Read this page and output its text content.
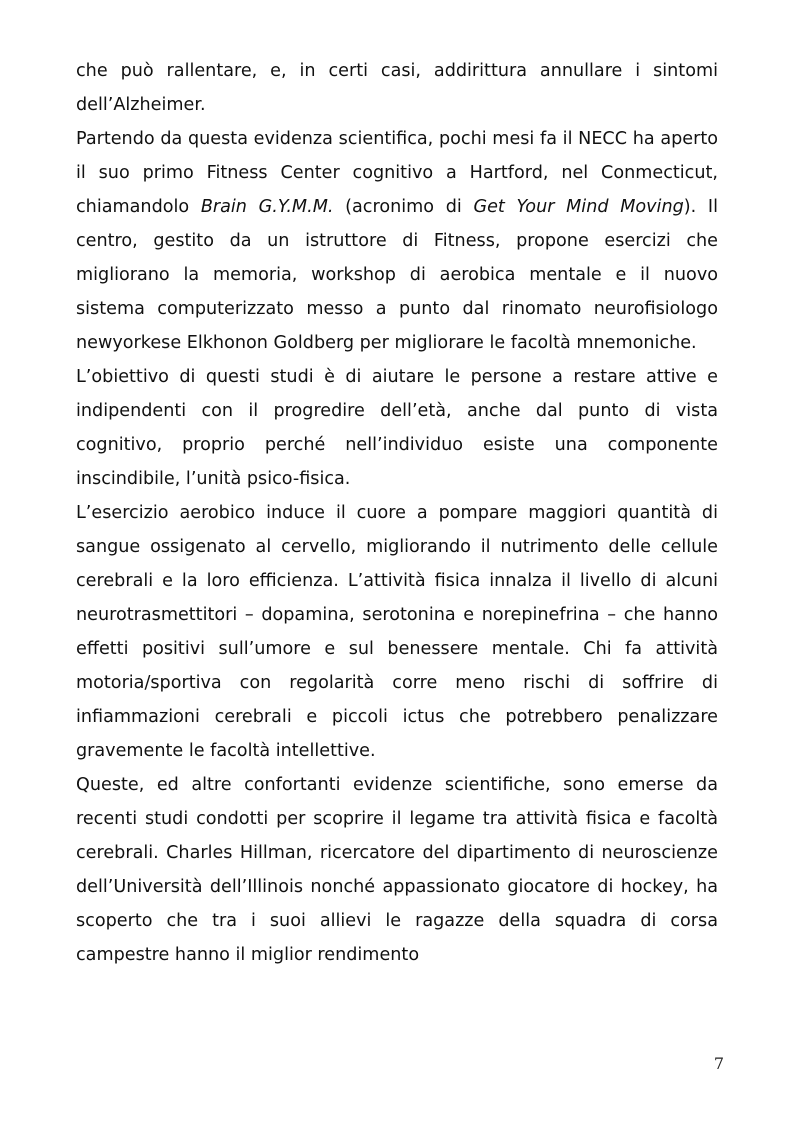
che può rallentare, e, in certi casi, addirittura annullare i sintomi dell’Alzheimer.

Partendo da questa evidenza scientifica, pochi mesi fa il NECC ha aperto il suo primo Fitness Center cognitivo a Hartford, nel Conmecticut, chiamandolo Brain G.Y.M.M. (acronimo di Get Your Mind Moving). Il centro, gestito da un istruttore di Fitness, propone esercizi che migliorano la memoria, workshop di aerobica mentale e il nuovo sistema computerizzato messo a punto dal rinomato neurofisiologo newyorkese Elkhonon Goldberg per migliorare le facoltà mnemoniche.

L’obiettivo di questi studi è di aiutare le persone a restare attive e indipendenti con il progredire dell’età, anche dal punto di vista cognitivo, proprio perché nell’individuo esiste una componente inscindibile, l’unità psico-fisica.

L’esercizio aerobico induce il cuore a pompare maggiori quantità di sangue ossigenato al cervello, migliorando il nutrimento delle cellule cerebrali e la loro efficienza. L’attività fisica innalza il livello di alcuni neurotrasmettitori – dopamina, serotonina e norepinefrina – che hanno effetti positivi sull’umore e sul benessere mentale. Chi fa attività motoria/sportiva con regolarità corre meno rischi di soffrire di infiammazioni cerebrali e piccoli ictus che potrebbero penalizzare gravemente le facoltà intellettive.

Queste, ed altre confortanti evidenze scientifiche, sono emerse da recenti studi condotti per scoprire il legame tra attività fisica e facoltà cerebrali. Charles Hillman, ricercatore del dipartimento di neuroscienze dell’Università dell’Illinois nonché appassionato giocatore di hockey, ha scoperto che tra i suoi allievi le ragazze della squadra di corsa campestre hanno il miglior rendimento

7
